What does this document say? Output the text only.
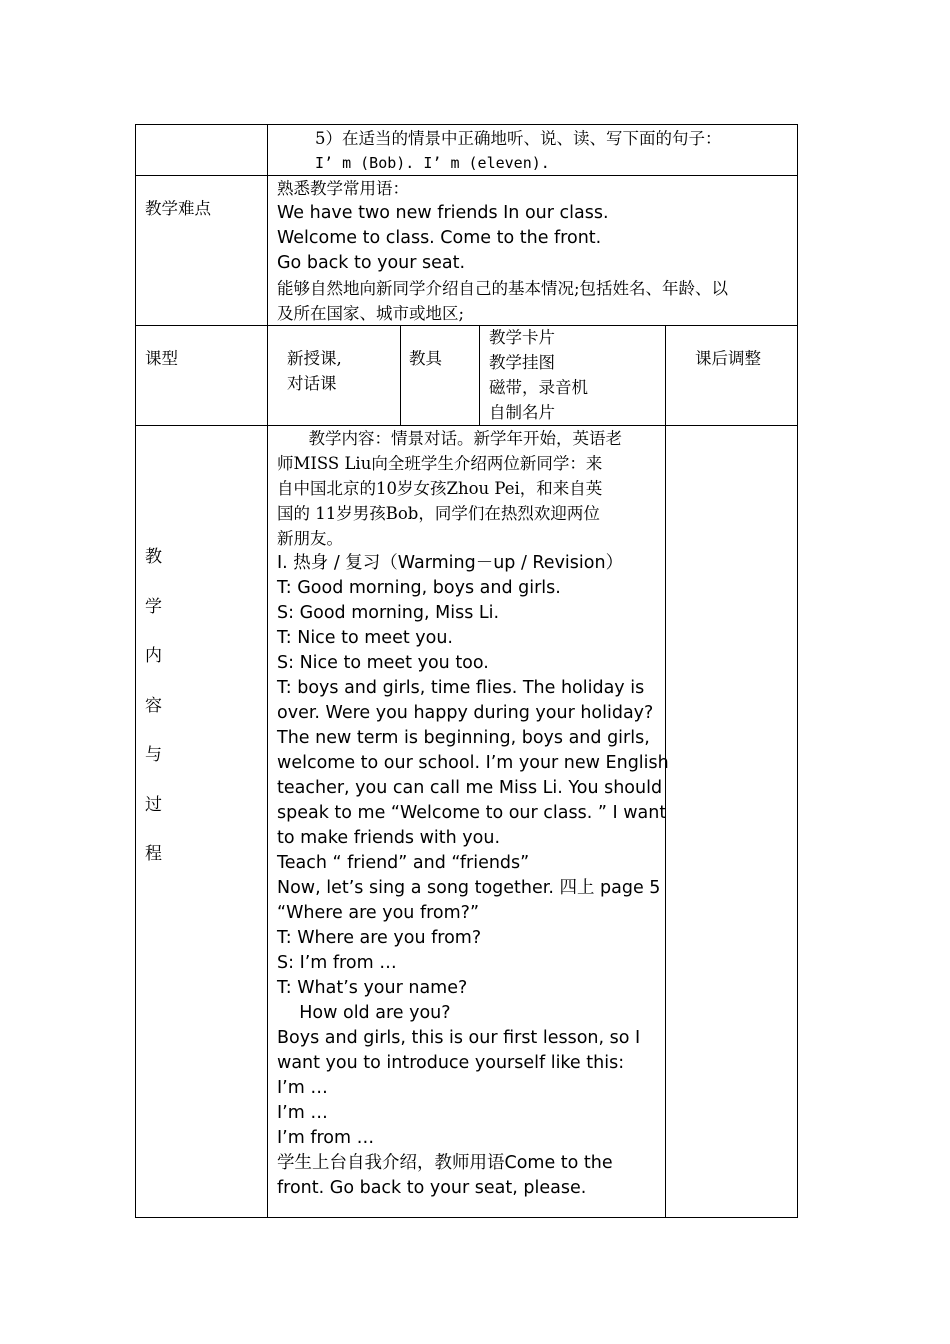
5）在适当的情景中正确地听、说、读、写下面的句子：
I’ m (Bob). I’ m (eleven).
教学难点
熟悉教学常用语：
We have two new friends In our class.
Welcome to class. Come to the front.
Go back to your seat.
能够自然地向新同学介绍自己的基本情况;包括姓名、年龄、以
及所在国家、城市或地区;
课型	新授课,
对话课
教具
教学卡片
教学挂图
磁带，录音机
自制名片
课后调整
教
学
内
容
与
过
程
教学内容：情景对话。新学年开始，英语老
师MISS Liu向全班学生介绍两位新同学：来
自中国北京的10岁女孩Zhou Pei，和来自英
国的 11岁男孩Bob，同学们在热烈欢迎两位
新朋友。
I. 热身 / 复习（Warming－up / Revision）
T: Good morning, boys and girls.
S: Good morning, Miss Li.
T: Nice to meet you.
S: Nice to meet you too.
T: boys and girls, time flies. The holiday is
over. Were you happy during your holiday?
The new term is beginning, boys and girls,
welcome to our school. I’m your new English
teacher, you can call me Miss Li. You should
speak to me “Welcome to our class. ” I want
to make friends with you.
Teach “ friend” and “friends”
Now, let’s sing a song together. 四上 page 5
“Where are you from?”
T: Where are you from?
S: I’m from …
T: What’s your name?
How old are you?
Boys and girls, this is our first lesson, so I
want you to introduce yourself like this:
I’m …
I’m …
I’m from …
学生上台自我介绍，教师用语Come to the
front. Go back to your seat, please.
